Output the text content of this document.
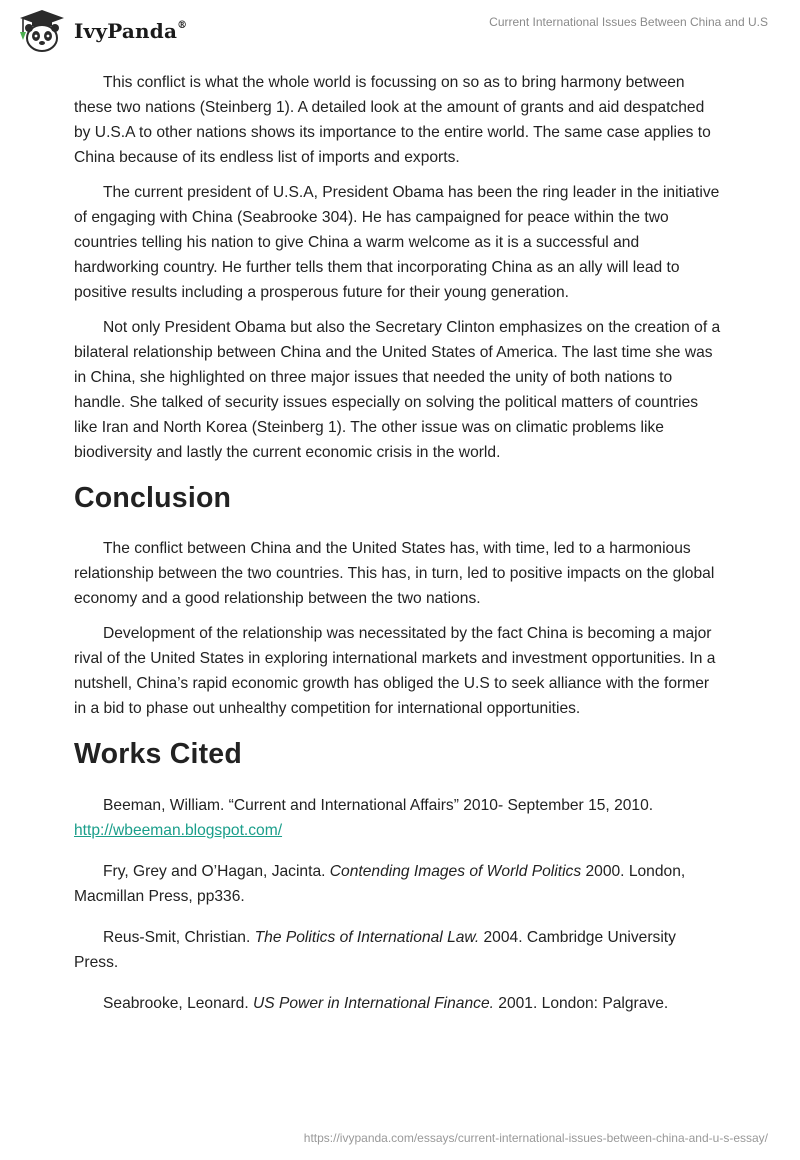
IvyPanda®	Current International Issues Between China and U.S

This conflict is what the whole world is focussing on so as to bring harmony between these two nations (Steinberg 1). A detailed look at the amount of grants and aid despatched by U.S.A to other nations shows its importance to the entire world. The same case applies to China because of its endless list of imports and exports.

The current president of U.S.A, President Obama has been the ring leader in the initiative of engaging with China (Seabrooke 304). He has campaigned for peace within the two countries telling his nation to give China a warm welcome as it is a successful and hardworking country. He further tells them that incorporating China as an ally will lead to positive results including a prosperous future for their young generation.

Not only President Obama but also the Secretary Clinton emphasizes on the creation of a bilateral relationship between China and the United States of America. The last time she was in China, she highlighted on three major issues that needed the unity of both nations to handle. She talked of security issues especially on solving the political matters of countries like Iran and North Korea (Steinberg 1). The other issue was on climatic problems like biodiversity and lastly the current economic crisis in the world.

Conclusion

The conflict between China and the United States has, with time, led to a harmonious relationship between the two countries. This has, in turn, led to positive impacts on the global economy and a good relationship between the two nations.

Development of the relationship was necessitated by the fact China is becoming a major rival of the United States in exploring international markets and investment opportunities. In a nutshell, China’s rapid economic growth has obliged the U.S to seek alliance with the former in a bid to phase out unhealthy competition for international opportunities.

Works Cited

Beeman, William. “Current and International Affairs” 2010- September 15, 2010. http://wbeeman.blogspot.com/

Fry, Grey and O’Hagan, Jacinta. Contending Images of World Politics 2000. London, Macmillan Press, pp336.

Reus-Smit, Christian. The Politics of International Law. 2004. Cambridge University Press.

Seabrooke, Leonard. US Power in International Finance. 2001. London: Palgrave.

https://ivypanda.com/essays/current-international-issues-between-china-and-u-s-essay/
